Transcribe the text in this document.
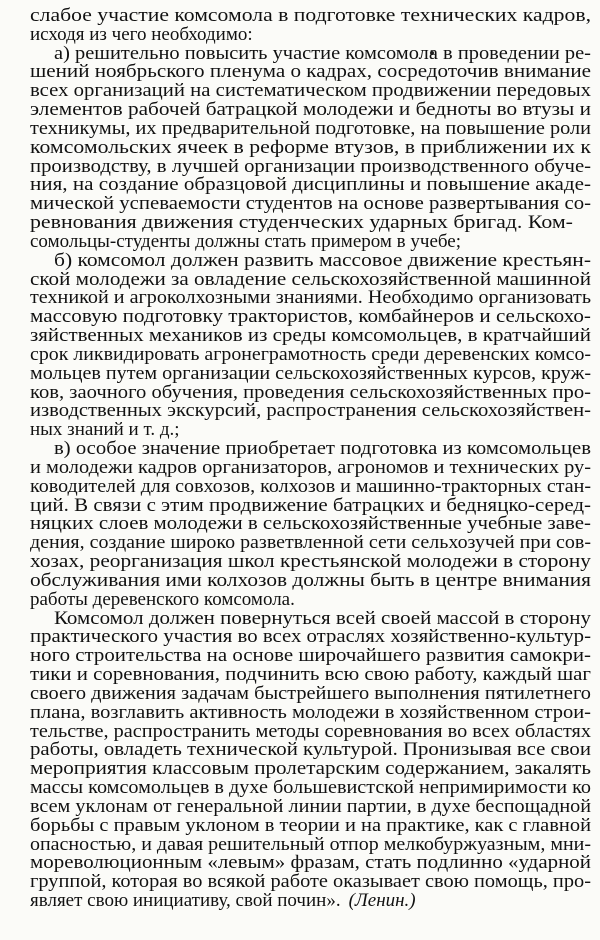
слабое участие комсомола в подготовке технических кадров,
исходя из чего необходимо:
а) решительно повысить участие комсомола в проведении ре-
шений ноябрьского пленума о кадрах, сосредоточив внимание
всех организаций на систематическом продвижении передовых
элементов рабочей батрацкой молодежи и бедноты во втузы и
техникумы, их предварительной подготовке, на повышение роли
комсомольских ячеек в реформе втузов, в приближении их к
производству, в лучшей организации производственного обуче-
ния, на создание образцовой дисциплины и повышение акаде-
мической успеваемости студентов на основе развертывания со-
ревнования движения студенческих ударных бригад. Ком-
сомольцы-студенты должны стать примером в учебе;
б) комсомол должен развить массовое движение крестьян-
ской молодежи за овладение сельскохозяйственной машинной
техникой и агроколхозными знаниями. Необходимо организовать
массовую подготовку трактористов, комбайнеров и сельскохо-
зяйственных механиков из среды комсомольцев, в кратчайший
срок ликвидировать агронеграмотность среди деревенских комсо-
мольцев путем организации сельскохозяйственных курсов, круж-
ков, заочного обучения, проведения сельскохозяйственных про-
изводственных экскурсий, распространения сельскохозяйствен-
ных знаний и т. д.;
в) особое значение приобретает подготовка из комсомольцев
и молодежи кадров организаторов, агрономов и технических ру-
ководителей для совхозов, колхозов и машинно-тракторных стан-
ций. В связи с этим продвижение батрацких и бедняцко-серед-
няцких слоев молодежи в сельскохозяйственные учебные заве-
дения, создание широко разветвленной сети сельхозучей при сов-
хозах, реорганизация школ крестьянской молодежи в сторону
обслуживания ими колхозов должны быть в центре внимания
работы деревенского комсомола.
Комсомол должен повернуться всей своей массой в сторону
практического участия во всех отраслях хозяйственно-культур-
ного строительства на основе широчайшего развития самокри-
тики и соревнования, подчинить всю свою работу, каждый шаг
своего движения задачам быстрейшего выполнения пятилетнего
плана, возглавить активность молодежи в хозяйственном строи-
тельстве, распространить методы соревнования во всех областях
работы, овладеть технической культурой. Пронизывая все свои
мероприятия классовым пролетарским содержанием, закалять
массы комсомольцев в духе большевистской непримиримости ко
всем уклонам от генеральной линии партии, в духе беспощадной
борьбы с правым уклоном в теории и на практике, как с главной
опасностью, и давая решительный отпор мелкобуржуазным, мни-
мореволюционным «левым» фразам, стать подлинно «ударной
группой, которая во всякой работе оказывает свою помощь, про-
являет свою инициативу, свой почин». (Ленин.)
